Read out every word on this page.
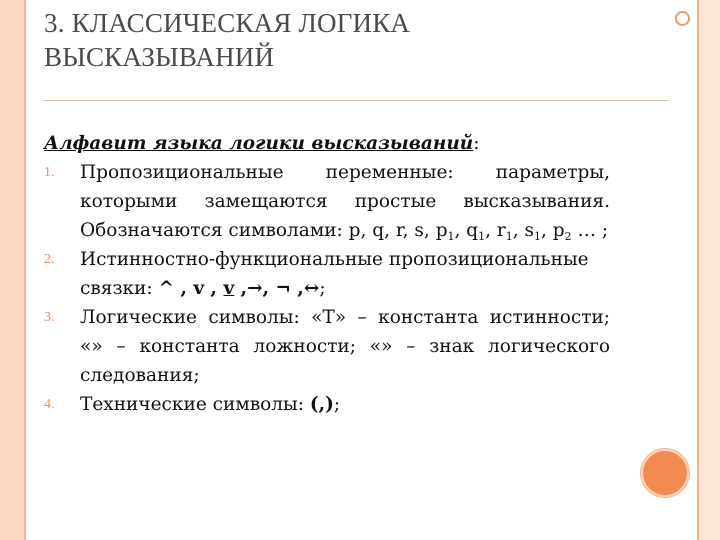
3. КЛАССИЧЕСКАЯ ЛОГИКА
ВЫСКАЗЫВАНИЙ

Алфавит языка логики высказываний:

1. Пропозициональные переменные: параметры, которыми замещаются простые высказывания. Обозначаются символами: p, q, r, s, $p_1$, $q_1$, $r_1$, $s_1$, $p_2$ … ;
2. Истинностно-функциональные пропозициональные связки: ^ , v , v ,→, ¬ ,↔;
3. Логические символы: «T» – константа истинности; «» – константа ложности; «» – знак логического следования;
4. Технические символы: (,);
